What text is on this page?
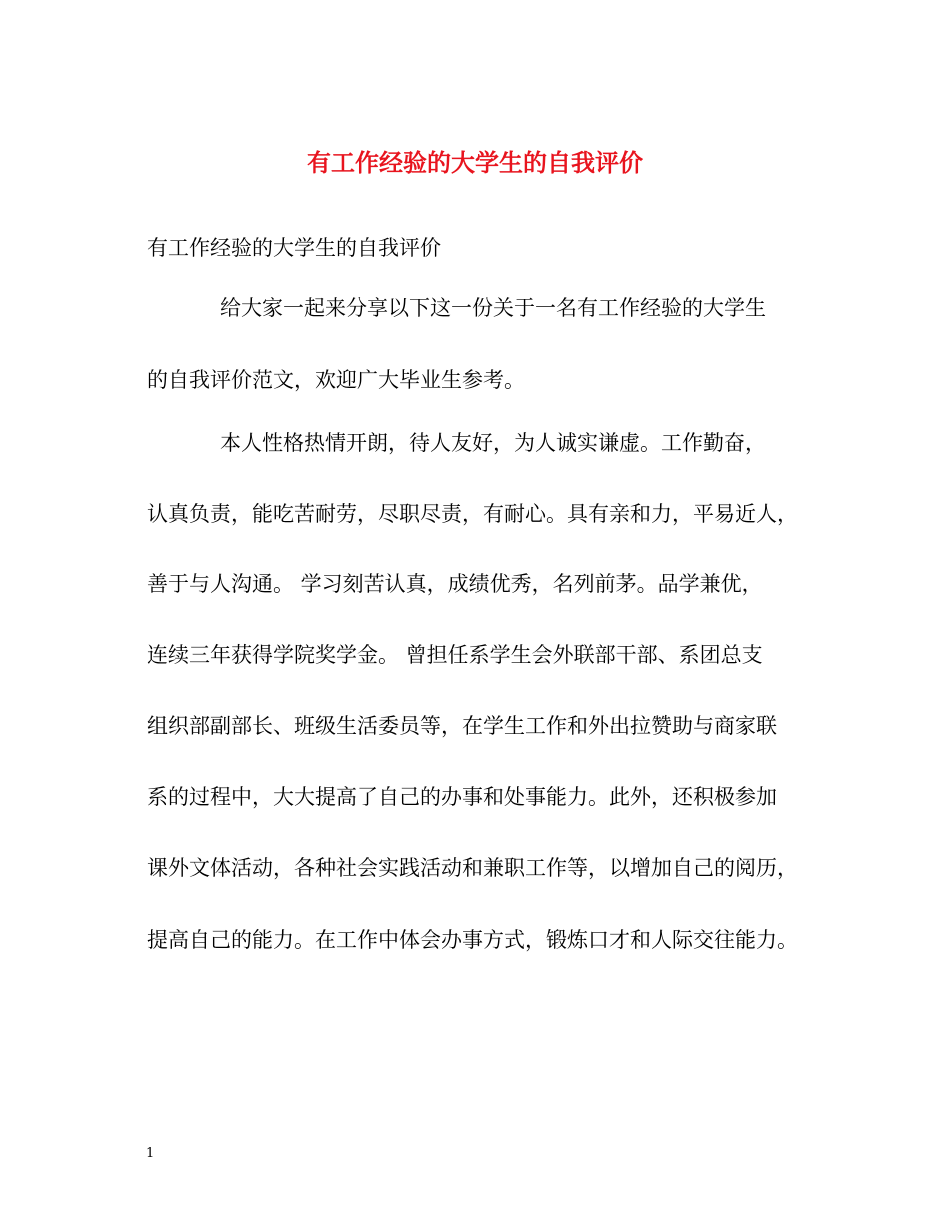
有工作经验的大学生的自我评价
有工作经验的大学生的自我评价
给大家一起来分享以下这一份关于一名有工作经验的大学生
的自我评价范文，欢迎广大毕业生参考。
本人性格热情开朗，待人友好，为人诚实谦虚。工作勤奋，
认真负责，能吃苦耐劳，尽职尽责，有耐心。具有亲和力，平易近人，
善于与人沟通。 学习刻苦认真，成绩优秀，名列前茅。品学兼优，
连续三年获得学院奖学金。 曾担任系学生会外联部干部、系团总支
组织部副部长、班级生活委员等，在学生工作和外出拉赞助与商家联
系的过程中，大大提高了自己的办事和处事能力。此外，还积极参加
课外文体活动，各种社会实践活动和兼职工作等，以增加自己的阅历，
提高自己的能力。在工作中体会办事方式，锻炼口才和人际交往能力。
1
